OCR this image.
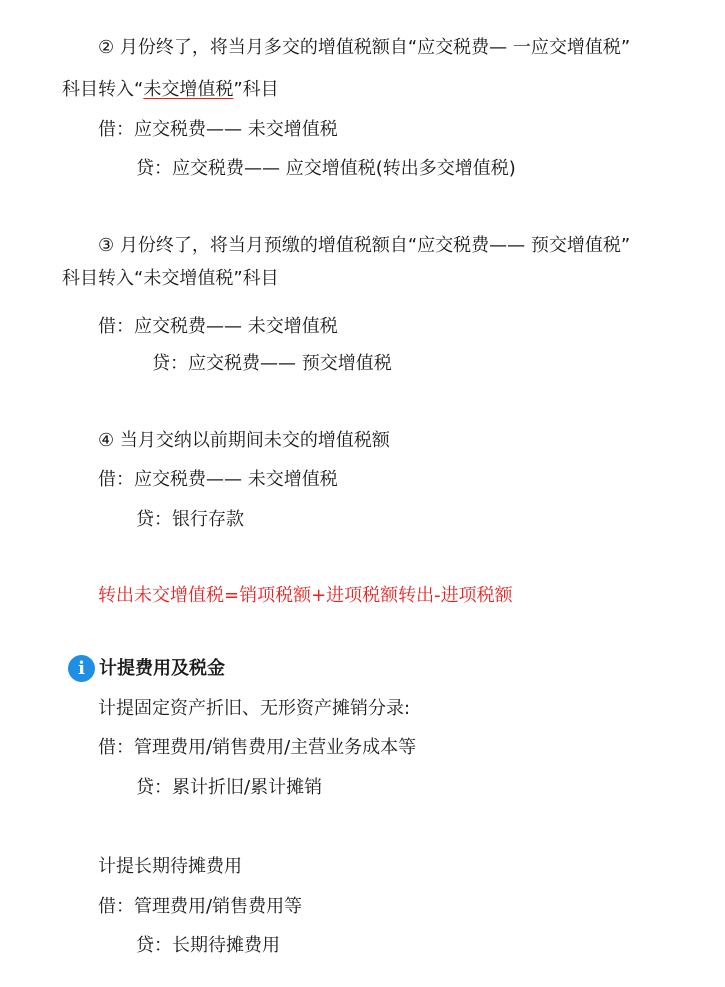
② 月份终了，将当月多交的增值税额自“应交税费— 一应交增值税”
科目转入“未交增值税”科目
借：应交税费—— 未交增值税
贷：应交税费—— 应交增值税(转出多交增值税)
③ 月份终了，将当月预缴的增值税额自“应交税费—— 预交增值税”
科目转入“未交增值税”科目
借：应交税费—— 未交增值税
贷：应交税费—— 预交增值税
④ 当月交纳以前期间未交的增值税额
借：应交税费—— 未交增值税
贷：银行存款
转出未交增值税=销项税额+进项税额转出-进项税额
i 计提费用及税金
计提固定资产折旧、无形资产摊销分录:
借：管理费用/销售费用/主营业务成本等
贷：累计折旧/累计摊销
计提长期待摊费用
借：管理费用/销售费用等
贷：长期待摊费用
